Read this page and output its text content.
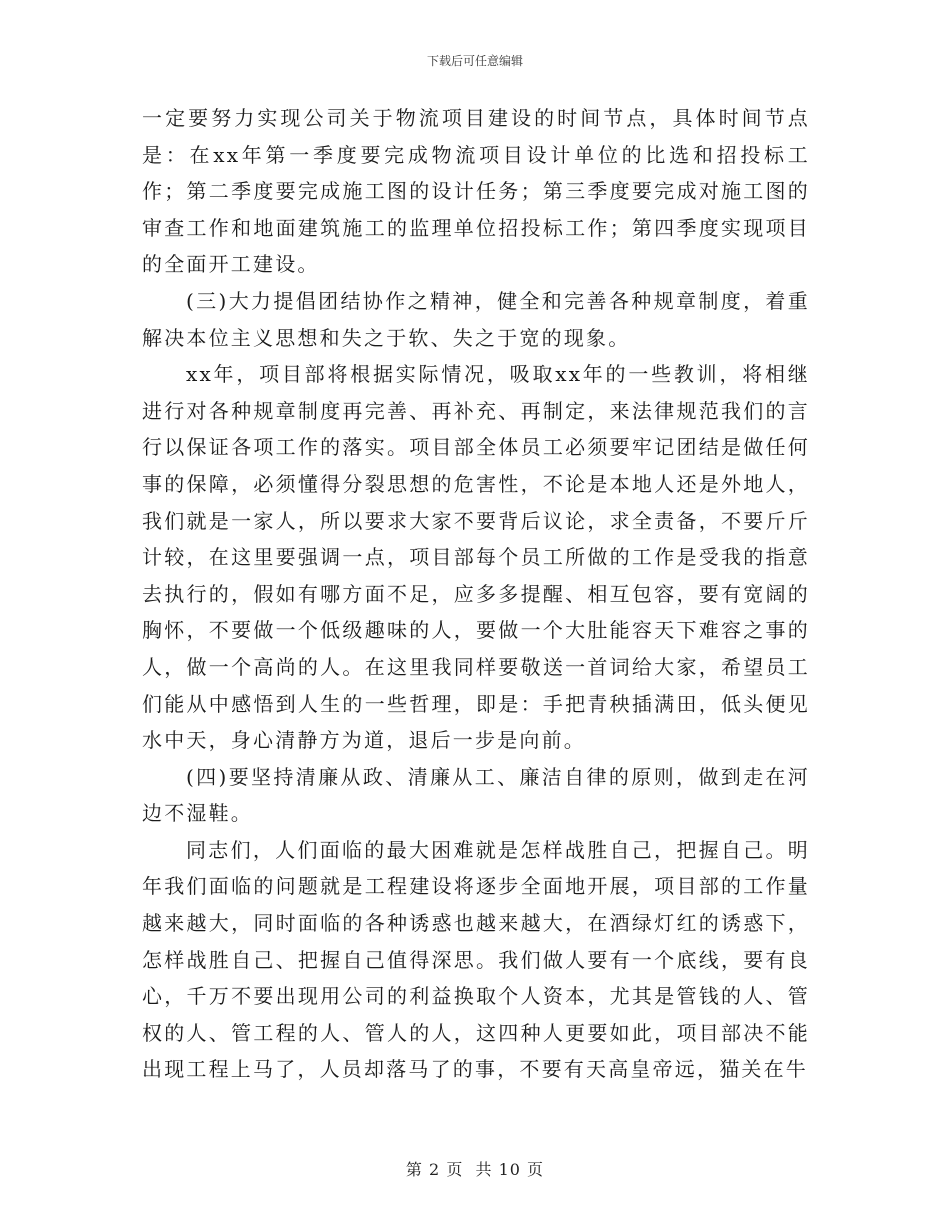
下载后可任意编辑

一定要努力实现公司关于物流项目建设的时间节点，具体时间节点是：在xx年第一季度要完成物流项目设计单位的比选和招投标工作；第二季度要完成施工图的设计任务；第三季度要完成对施工图的审查工作和地面建筑施工的监理单位招投标工作；第四季度实现项目的全面开工建设。

(三)大力提倡团结协作之精神，健全和完善各种规章制度，着重解决本位主义思想和失之于软、失之于宽的现象。

xx年，项目部将根据实际情况，吸取xx年的一些教训，将相继进行对各种规章制度再完善、再补充、再制定，来法律规范我们的言行以保证各项工作的落实。项目部全体员工必须要牢记团结是做任何事的保障，必须懂得分裂思想的危害性，不论是本地人还是外地人，我们就是一家人，所以要求大家不要背后议论，求全责备，不要斤斤计较，在这里要强调一点，项目部每个员工所做的工作是受我的指意去执行的，假如有哪方面不足，应多多提醒、相互包容，要有宽阔的胸怀，不要做一个低级趣味的人，要做一个大肚能容天下难容之事的人，做一个高尚的人。在这里我同样要敬送一首词给大家，希望员工们能从中感悟到人生的一些哲理，即是：手把青秧插满田，低头便见水中天，身心清静方为道，退后一步是向前。

(四)要坚持清廉从政、清廉从工、廉洁自律的原则，做到走在河边不湿鞋。

同志们，人们面临的最大困难就是怎样战胜自己，把握自己。明年我们面临的问题就是工程建设将逐步全面地开展，项目部的工作量越来越大，同时面临的各种诱惑也越来越大，在酒绿灯红的诱惑下，怎样战胜自己、把握自己值得深思。我们做人要有一个底线，要有良心，千万不要出现用公司的利益换取个人资本，尤其是管钱的人、管权的人、管工程的人、管人的人，这四种人更要如此，项目部决不能出现工程上马了，人员却落马了的事，不要有天高皇帝远，猫关在牛

第 2 页  共 10 页
